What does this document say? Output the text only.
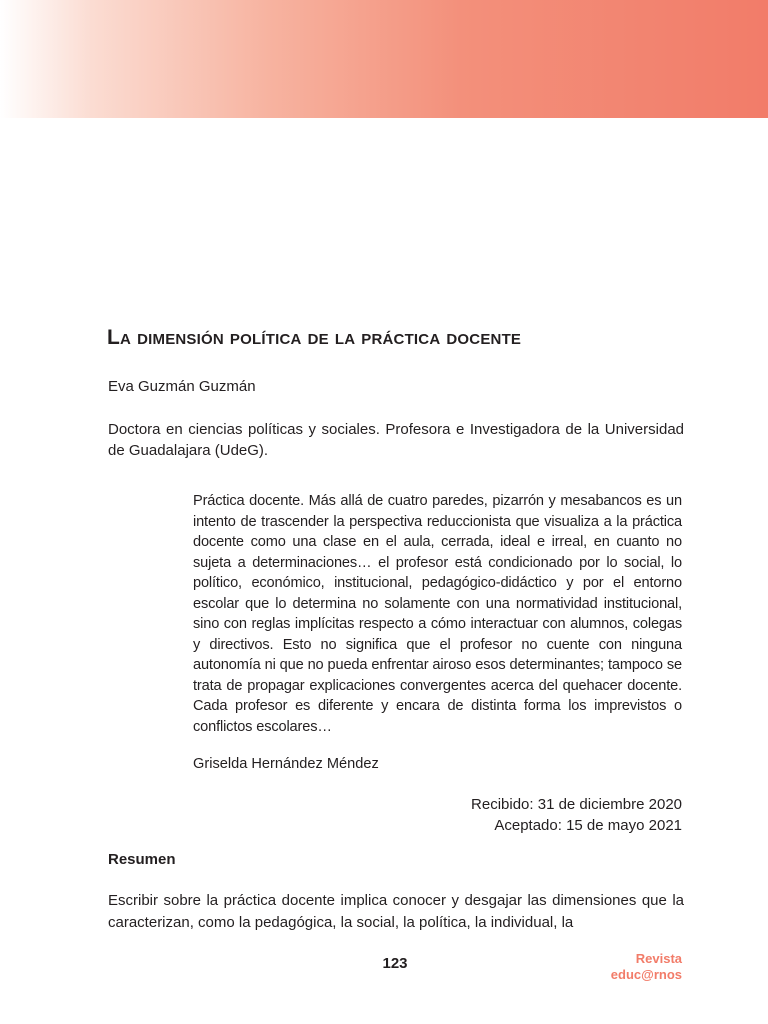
La dimensión política de la práctica docente
Eva Guzmán Guzmán
Doctora en ciencias políticas y sociales. Profesora e Investigadora de la Universidad de Guadalajara (UdeG).

Práctica docente. Más allá de cuatro paredes, pizarrón y mesabancos es un intento de trascender la perspectiva reduccionista que visualiza a la práctica docente como una clase en el aula, cerrada, ideal e irreal, en cuanto no sujeta a determinaciones… el profesor está condicionado por lo social, lo político, económico, institucional, pedagógico-didáctico y por el entorno escolar que lo determina no solamente con una normatividad institucional, sino con reglas implícitas respecto a cómo interactuar con alumnos, colegas y directivos. Esto no significa que el profesor no cuente con ninguna autonomía ni que no pueda enfrentar airoso esos determinantes; tampoco se trata de propagar explicaciones convergentes acerca del quehacer docente. Cada profesor es diferente y encara de distinta forma los imprevistos o conflictos escolares…

Griselda Hernández Méndez
Recibido: 31 de diciembre 2020
Aceptado: 15 de mayo 2021
Resumen

Escribir sobre la práctica docente implica conocer y desgajar las dimensiones que la caracterizan, como la pedagógica, la social, la política, la individual, la

123	Revista
educ@rnos
